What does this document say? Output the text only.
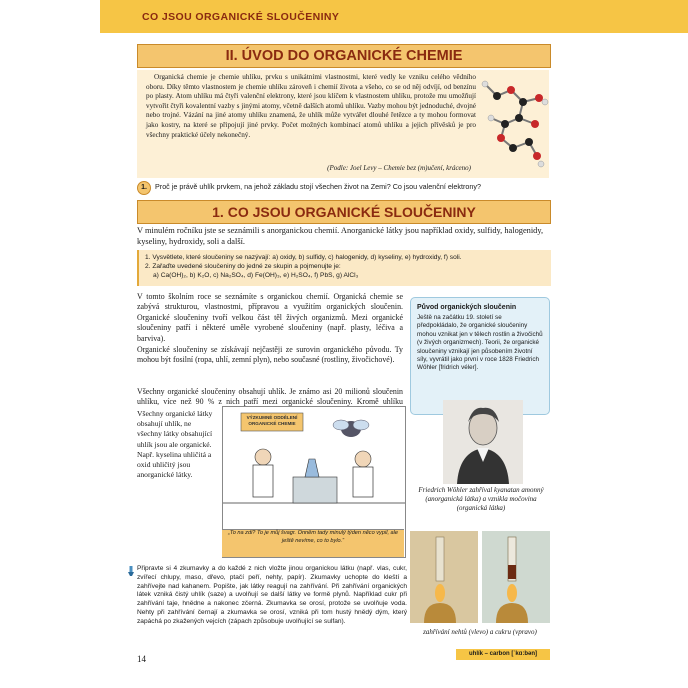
CO JSOU ORGANICKÉ SLOUČENINY
II. ÚVOD DO ORGANICKÉ CHEMIE

Organická chemie je chemie uhlíku, prvku s unikátními vlastnostmi, které vedly ke vzniku celého vědního oboru. Díky těmto vlastnostem je chemie uhlíku zároveň i chemií života a všeho, co se od něj odvíjí, od benzínu po plasty. Atom uhlíku má čtyři valenční elektrony, které jsou klíčem k vlastnostem uhlíku, protože mu umožňují vytvořit čtyři kovalentní vazby s jinými atomy, včetně dalších atomů uhlíku. Vazby mohou být jednoduché, dvojné nebo trojné. Vázání na jiné atomy uhlíku znamená, že uhlík může vytvářet dlouhé řetězce a ty mohou formovat jako kostry, na které se připojují jiné prvky. Počet možných kombinací atomů uhlíku a jejich přívěsků je pro všechny praktické účely nekonečný.

(Podle: Joel Levy – Chemie bez (m)učení, kráceno)
1.	Proč je právě uhlík prvkem, na jehož základu stojí všechen život na Zemi? Co jsou valenční elektrony?
1. CO JSOU ORGANICKÉ SLOUČENINY

V minulém ročníku jste se seznámili s anorganickou chemií. Anorganické látky jsou například oxidy, sulfidy, halogenidy, kyseliny, hydroxidy, soli a další.

1. Vysvětlete, které sloučeniny se nazývají: a) oxidy, b) sulfidy, c) halogenidy, d) kyseliny, e) hydroxidy, f) soli.
2. Zařaďte uvedené sloučeniny do jedné ze skupin a pojmenujte je:
a) Ca(OH)₂, b) K₂O, c) Na₂SO₄, d) Fe(OH)₃, e) H₂SO₄, f) PbS, g) AlCl₃

V tomto školním roce se seznámíte s organickou chemií. Organická chemie se zabývá strukturou, vlastnostmi, přípravou a využitím organických sloučenin. Organické sloučeniny tvoří velkou část těl živých organizmů. Mezi organické sloučeniny patří i některé uměle vyrobené sloučeniny (např. plasty, léčiva a barviva).

Organické sloučeniny se získávají nejčastěji ze surovin organického původu. Ty mohou být fosilní (ropa, uhlí, zemní plyn), nebo současné (rostliny, živočichové).

Všechny organické sloučeniny obsahují uhlík. Je známo asi 20 milionů sloučenin uhlíku, více než 90 % z nich patří mezi organické sloučeniny. Kromě uhlíku

Všechny organické látky obsahují uhlík, ne všechny látky obsahující uhlík jsou ale organické. Např. kyselina uhličitá a oxid uhličitý jsou anorganické látky.

Původ organických sloučenin
Ještě na začátku 19. století se předpokládalo, že organické sloučeniny mohou vznikat jen v tělech rostlin a živočichů (v živých organizmech). Teorii, že organické sloučeniny vznikají jen působením životní síly, vyvrátil jako první v roce 1828 Friedrich Wöhler [fridrich véler].
Friedrich Wöhler zahříval kyanatan amonný (anorganická látka) a vznikla močovina (organická látka)
VÝZKUMNÉ ODDĚLENÍ ORGANICKÉ CHEMIE
„To na zdi? To je můj švagr. Onněm tady minulý týden něco vypil, ale ještě nevíme, co to bylo.“
Připravte si 4 zkumavky a do každé z nich vložte jinou organickou látku (např. vlas, cukr, zvířecí chlupy, maso, dřevo, ptačí peří, nehty, papír). Zkumavky uchopte do kleští a zahřívejte nad kahanem. Popište, jak látky reagují na zahřívání. Při zahřívání organických látek vzniká čistý uhlík (saze) a uvolňují se další látky ve formě plynů. Například cukr při zahřívání taje, hnědne a nakonec zčerná. Zkumavka se orosí, protože se uvolňuje voda. Nehty při zahřívání černají a zkumavka se orosí, vzniká při tom hustý hnědý dým, který zapáchá po zkažených vejcích (zápach způsobuje uvolňující se sulfan).
zahřívání nehtů (vlevo) a cukru (vpravo)
uhlík – carbon [ˈkɑːbən]
14
